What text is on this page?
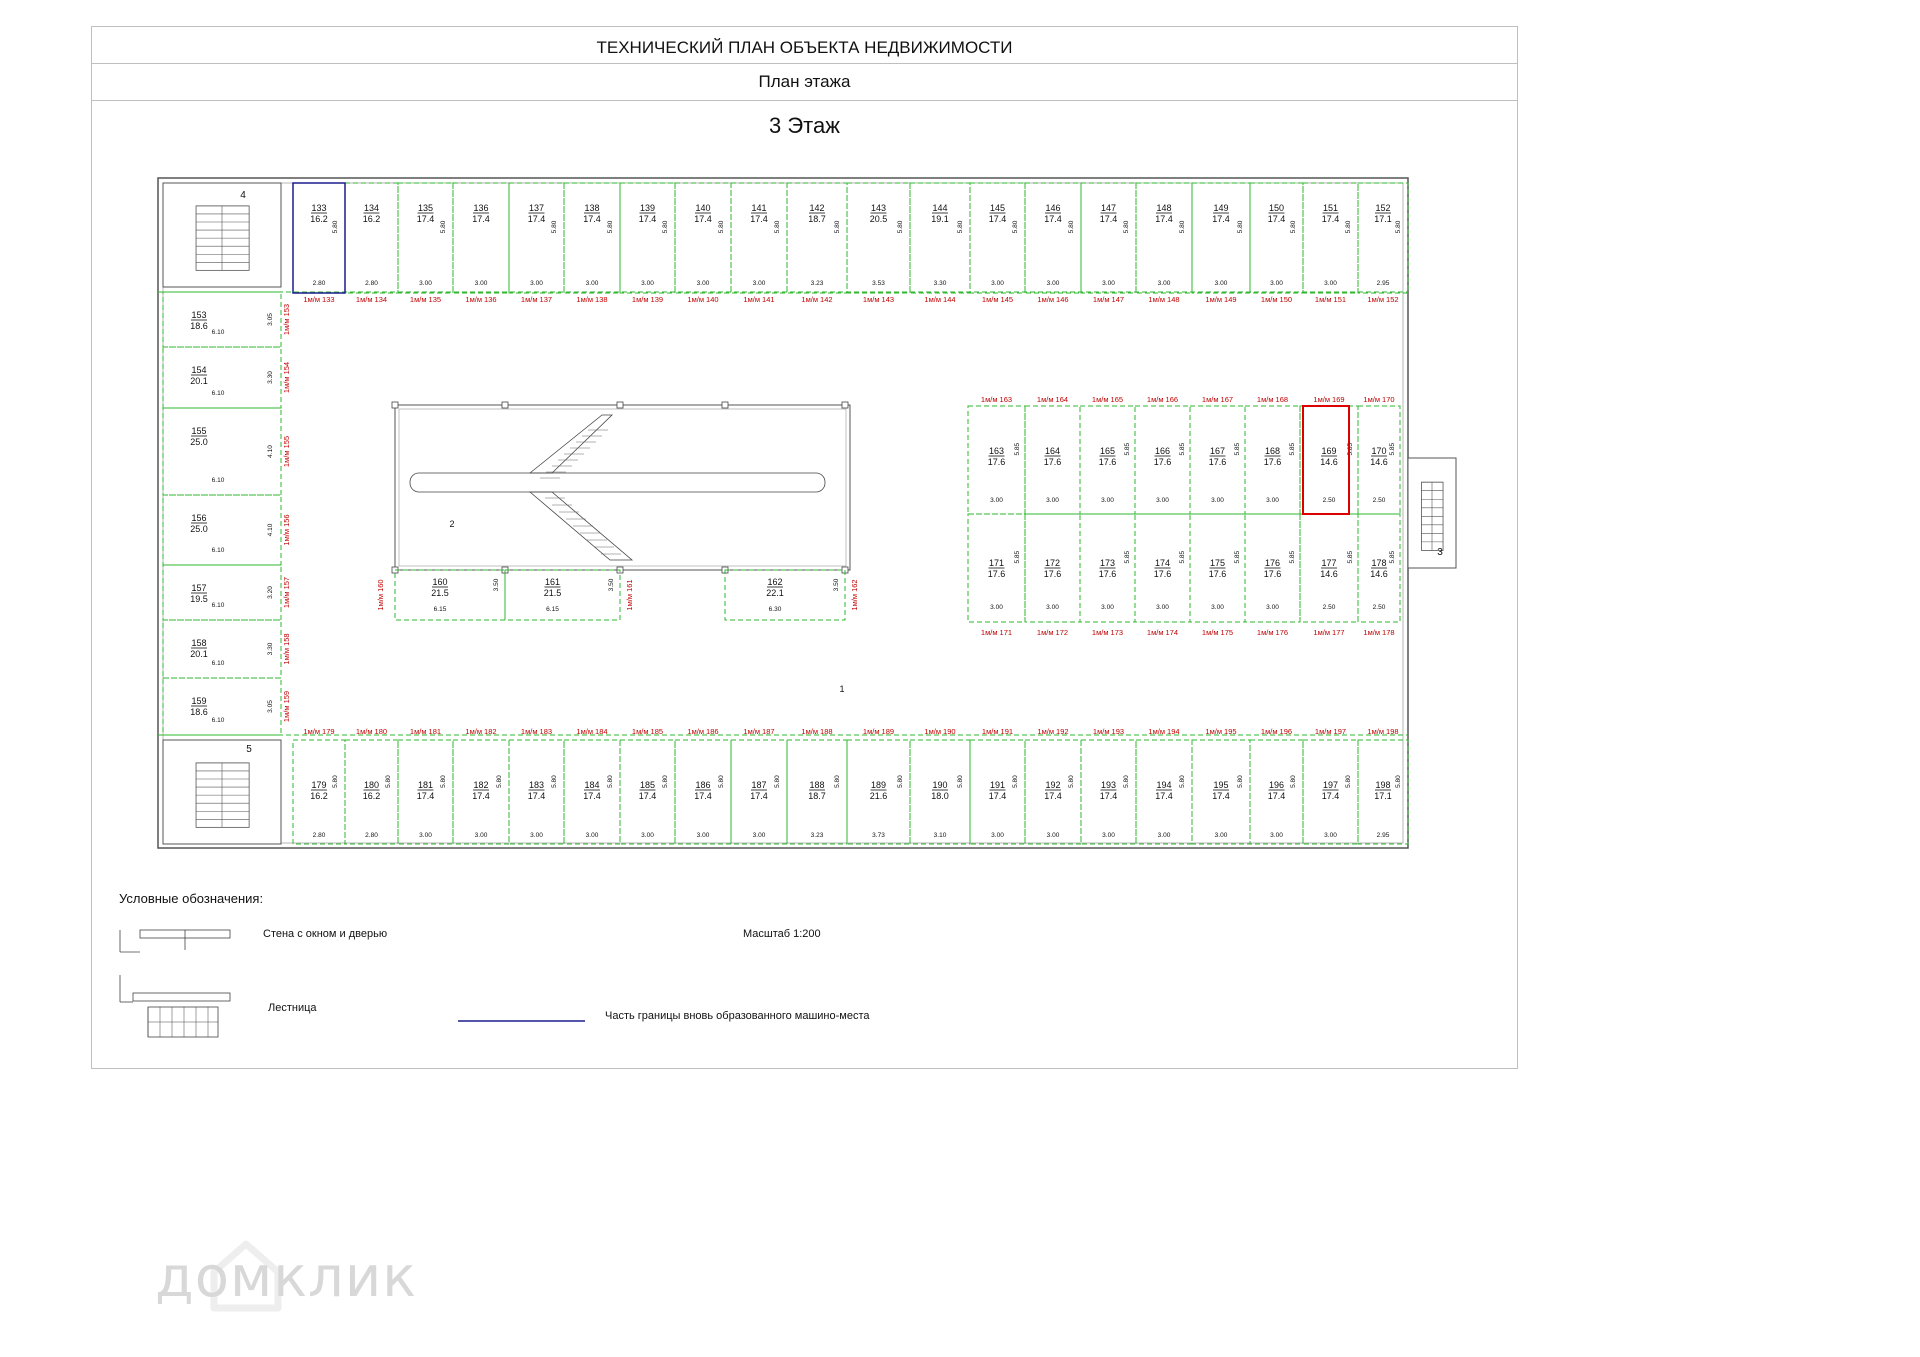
ТЕХНИЧЕСКИЙ ПЛАН ОБЪЕКТА НЕДВИЖИМОСТИ
План этажа
3 Этаж
4
5
3
133
16.2
5.80
2.80
1м/м 133
134
16.2
2.80
1м/м 134
135
17.4
5.80
3.00
1м/м 135
136
17.4
3.00
1м/м 136
137
17.4
5.80
3.00
1м/м 137
138
17.4
5.80
3.00
1м/м 138
139
17.4
5.80
3.00
1м/м 139
140
17.4
5.80
3.00
1м/м 140
141
17.4
5.80
3.00
1м/м 141
142
18.7
5.80
3.23
1м/м 142
143
20.5
5.80
3.53
1м/м 143
144
19.1
5.80
3.30
1м/м 144
145
17.4
5.80
3.00
1м/м 145
146
17.4
5.80
3.00
1м/м 146
147
17.4
5.80
3.00
1м/м 147
148
17.4
5.80
3.00
1м/м 148
149
17.4
5.80
3.00
1м/м 149
150
17.4
5.80
3.00
1м/м 150
151
17.4
5.80
3.00
1м/м 151
152
17.1
5.80
2.95
1м/м 152
179
16.2
5.80
2.80
1м/м 179
180
16.2
5.80
2.80
1м/м 180
181
17.4
5.80
3.00
1м/м 181
182
17.4
5.80
3.00
1м/м 182
183
17.4
5.80
3.00
1м/м 183
184
17.4
5.80
3.00
1м/м 184
185
17.4
5.80
3.00
1м/м 185
186
17.4
5.80
3.00
1м/м 186
187
17.4
5.80
3.00
1м/м 187
188
18.7
5.80
3.23
1м/м 188
189
21.6
5.80
3.73
1м/м 189
190
18.0
5.80
3.10
1м/м 190
191
17.4
5.80
3.00
1м/м 191
192
17.4
5.80
3.00
1м/м 192
193
17.4
5.80
3.00
1м/м 193
194
17.4
5.80
3.00
1м/м 194
195
17.4
5.80
3.00
1м/м 195
196
17.4
5.80
3.00
1м/м 196
197
17.4
5.80
3.00
1м/м 197
198
17.1
5.80
2.95
1м/м 198
153
18.6
6.10
3.05 1м/м 153
154
20.1
6.10
3.30 1м/м 154
155
25.0
6.10
4.10 1м/м 155
156
25.0
6.10
4.10 1м/м 156
157
19.5
6.10
3.20 1м/м 157
158
20.1
6.10
3.30 1м/м 158
159
18.6
6.10
3.05 1м/м 159
2
1
160
21.5
6.15
3.50
1м/м 160	161
21.5
6.15
3.50 1м/м 161	162
22.1
6.30
3.50 1м/м 162
163
17.6
5.85
3.00
1м/м 163
164
17.6
3.00
1м/м 164
165
17.6
5.85
3.00
1м/м 165
166
17.6
5.85
3.00
1м/м 166
167
17.6
5.85
3.00
1м/м 167
168
17.6
5.85
3.00
1м/м 168
169
14.6
5.85
2.50
1м/м 169
170
14.6
5.85
2.50
1м/м 170
171
17.6
5.85
3.00
1м/м 171
172
17.6
3.00
1м/м 172
173
17.6
5.85
3.00
1м/м 173
174
17.6
5.85
3.00
1м/м 174
175
17.6
5.85
3.00
1м/м 175
176
17.6
5.85
3.00
1м/м 176
177
14.6
5.85
2.50
1м/м 177
178
14.6
5.85
2.50
1м/м 178
Условные обозначения:
Стена с окном и дверью
Лестница
Часть границы вновь образованного машино-места
Масштаб 1:200
домклик
